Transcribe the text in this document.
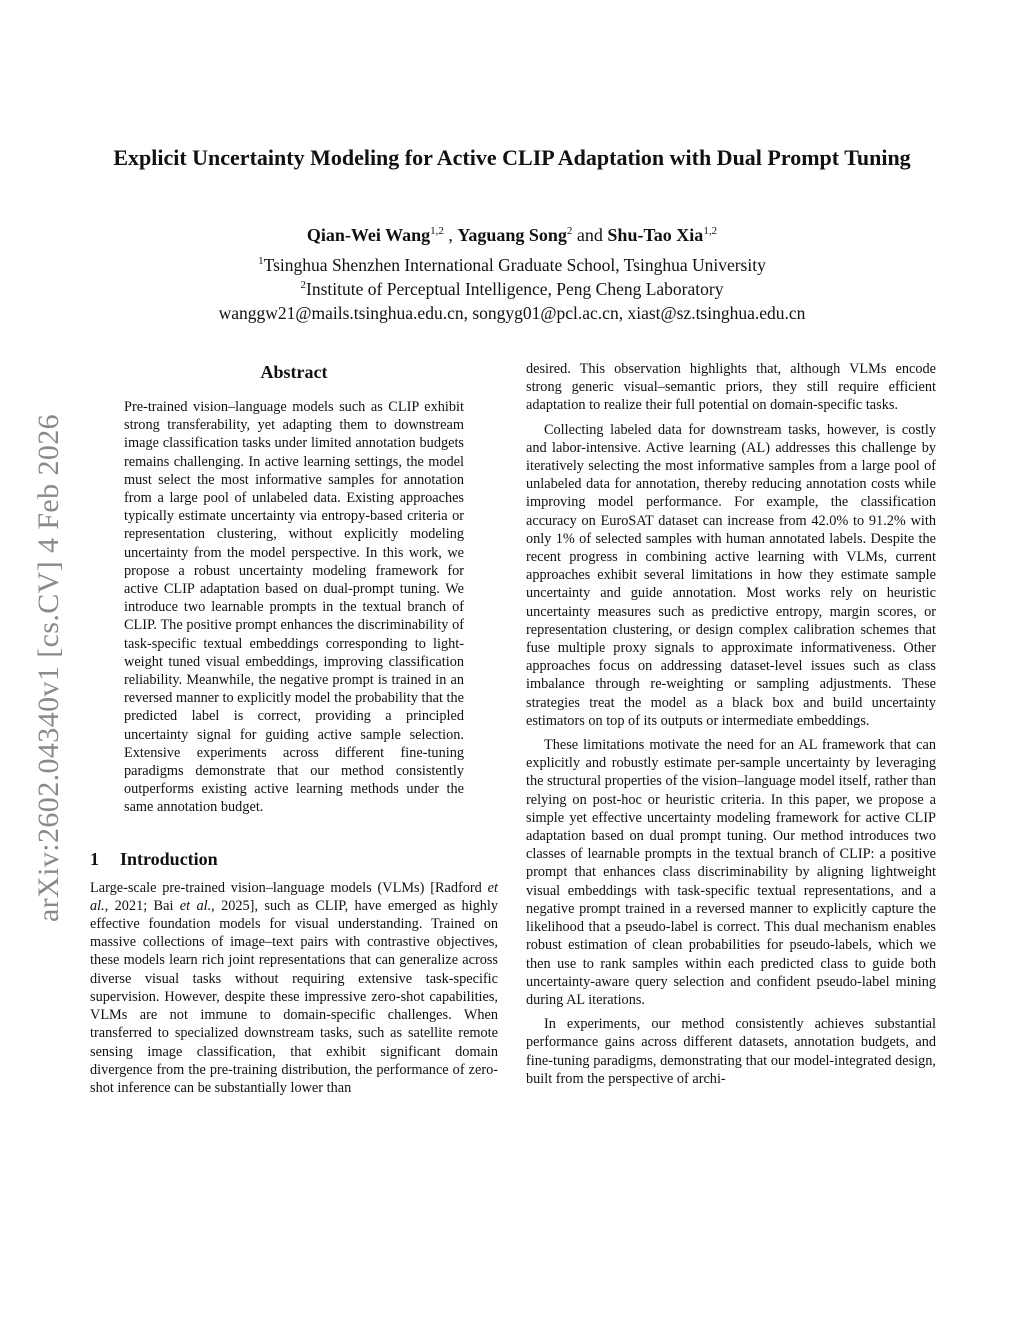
arXiv:2602.04340v1 [cs.CV] 4 Feb 2026
Explicit Uncertainty Modeling for Active CLIP Adaptation with Dual Prompt Tuning
Qian-Wei Wang$^{1,2}$ , Yaguang Song$^2$ and Shu-Tao Xia$^{1,2}$
$^1$Tsinghua Shenzhen International Graduate School, Tsinghua University
$^2$Institute of Perceptual Intelligence, Peng Cheng Laboratory
wanggw21@mails.tsinghua.edu.cn, songyg01@pcl.ac.cn, xiast@sz.tsinghua.edu.cn
Abstract

Pre-trained vision–language models such as CLIP exhibit strong transferability, yet adapting them to downstream image classification tasks under limited annotation budgets remains challenging. In active learning settings, the model must select the most informative samples for annotation from a large pool of unlabeled data. Existing approaches typically estimate uncertainty via entropy-based criteria or representation clustering, without explicitly modeling uncertainty from the model perspective. In this work, we propose a robust uncertainty modeling framework for active CLIP adaptation based on dual-prompt tuning. We introduce two learnable prompts in the textual branch of CLIP. The positive prompt enhances the discriminability of task-specific textual embeddings corresponding to light-weight tuned visual embeddings, improving classification reliability. Meanwhile, the negative prompt is trained in an reversed manner to explicitly model the probability that the predicted label is correct, providing a principled uncertainty signal for guiding active sample selection. Extensive experiments across different fine-tuning paradigms demonstrate that our method consistently outperforms existing active learning methods under the same annotation budget.

1 Introduction

Large-scale pre-trained vision–language models (VLMs) [Radford et al., 2021; Bai et al., 2025], such as CLIP, have emerged as highly effective foundation models for visual understanding. Trained on massive collections of image–text pairs with contrastive objectives, these models learn rich joint representations that can generalize across diverse visual tasks without requiring extensive task-specific supervision. However, despite these impressive zero-shot capabilities, VLMs are not immune to domain-specific challenges. When transferred to specialized downstream tasks, such as satellite remote sensing image classification, that exhibit significant domain divergence from the pre-training distribution, the performance of zero-shot inference can be substantially lower than

desired. This observation highlights that, although VLMs encode strong generic visual–semantic priors, they still require efficient adaptation to realize their full potential on domain-specific tasks.

Collecting labeled data for downstream tasks, however, is costly and labor-intensive. Active learning (AL) addresses this challenge by iteratively selecting the most informative samples from a large pool of unlabeled data for annotation, thereby reducing annotation costs while improving model performance. For example, the classification accuracy on EuroSAT dataset can increase from 42.0% to 91.2% with only 1% of selected samples with human annotated labels. Despite the recent progress in combining active learning with VLMs, current approaches exhibit several limitations in how they estimate sample uncertainty and guide annotation. Most works rely on heuristic uncertainty measures such as predictive entropy, margin scores, or representation clustering, or design complex calibration schemes that fuse multiple proxy signals to approximate informativeness. Other approaches focus on addressing dataset-level issues such as class imbalance through re-weighting or sampling adjustments. These strategies treat the model as a black box and build uncertainty estimators on top of its outputs or intermediate embeddings.

These limitations motivate the need for an AL framework that can explicitly and robustly estimate per-sample uncertainty by leveraging the structural properties of the vision–language model itself, rather than relying on post-hoc or heuristic criteria. In this paper, we propose a simple yet effective uncertainty modeling framework for active CLIP adaptation based on dual prompt tuning. Our method introduces two classes of learnable prompts in the textual branch of CLIP: a positive prompt that enhances class discriminability by aligning lightweight visual embeddings with task-specific textual representations, and a negative prompt trained in a reversed manner to explicitly capture the likelihood that a pseudo-label is correct. This dual mechanism enables robust estimation of clean probabilities for pseudo-labels, which we then use to rank samples within each predicted class to guide both uncertainty-aware query selection and confident pseudo-label mining during AL iterations.

In experiments, our method consistently achieves substantial performance gains across different datasets, annotation budgets, and fine-tuning paradigms, demonstrating that our model-integrated design, built from the perspective of archi-
